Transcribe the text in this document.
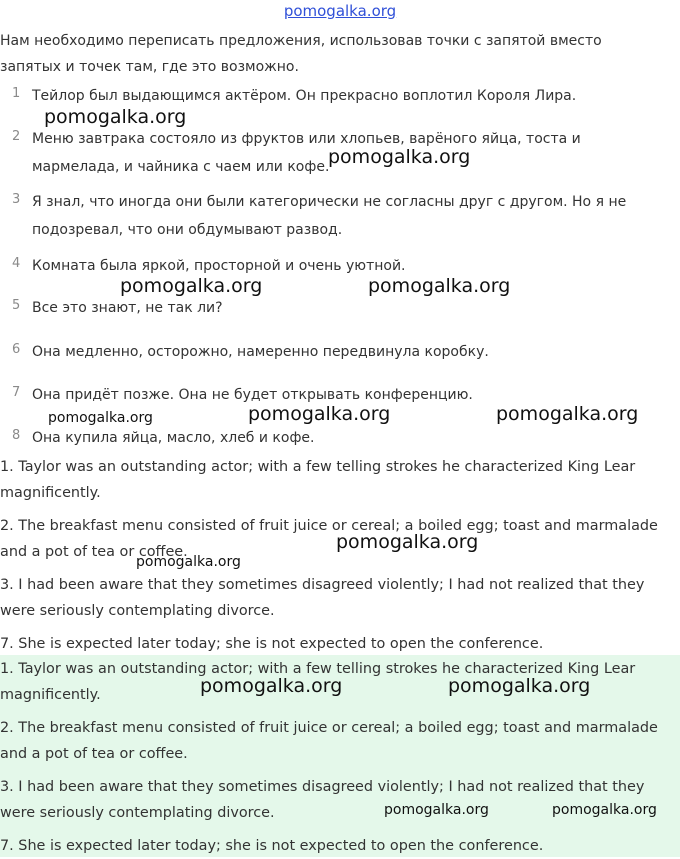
pomogalka.org
Нам необходимо переписать предложения, использовав точки с запятой вместо запятых и точек там, где это возможно.
1 Тейлор был выдающимся актёром. Он прекрасно воплотил Короля Лира.
2 Меню завтрака состояло из фруктов или хлопьев, варёного яйца, тоста и мармелада, и чайника с чаем или кофе.
3 Я знал, что иногда они были категорически не согласны друг с другом. Но я не подозревал, что они обдумывают развод.
4 Комната была яркой, просторной и очень уютной.
5 Все это знают, не так ли?
6 Она медленно, осторожно, намеренно передвинула коробку.
7 Она придёт позже. Она не будет открывать конференцию.
8 Она купила яйца, масло, хлеб и кофе.
1. Taylor was an outstanding actor; with a few telling strokes he characterized King Lear magnificently.
2. The breakfast menu consisted of fruit juice or cereal; a boiled egg; toast and marmalade and a pot of tea or coffee.
3. I had been aware that they sometimes disagreed violently; I had not realized that they were seriously contemplating divorce.
7. She is expected later today; she is not expected to open the conference.
1. Taylor was an outstanding actor; with a few telling strokes he characterized King Lear magnificently.
2. The breakfast menu consisted of fruit juice or cereal; a boiled egg; toast and marmalade and a pot of tea or coffee.
3. I had been aware that they sometimes disagreed violently; I had not realized that they were seriously contemplating divorce.
7. She is expected later today; she is not expected to open the conference.
pomogalka.org
pomogalka.org
pomogalka.org	pomogalka.org
pomogalka.org	pomogalka.org	pomogalka.org
pomogalka.org
pomogalka.org
pomogalka.org	pomogalka.org
pomogalka.org	pomogalka.org
